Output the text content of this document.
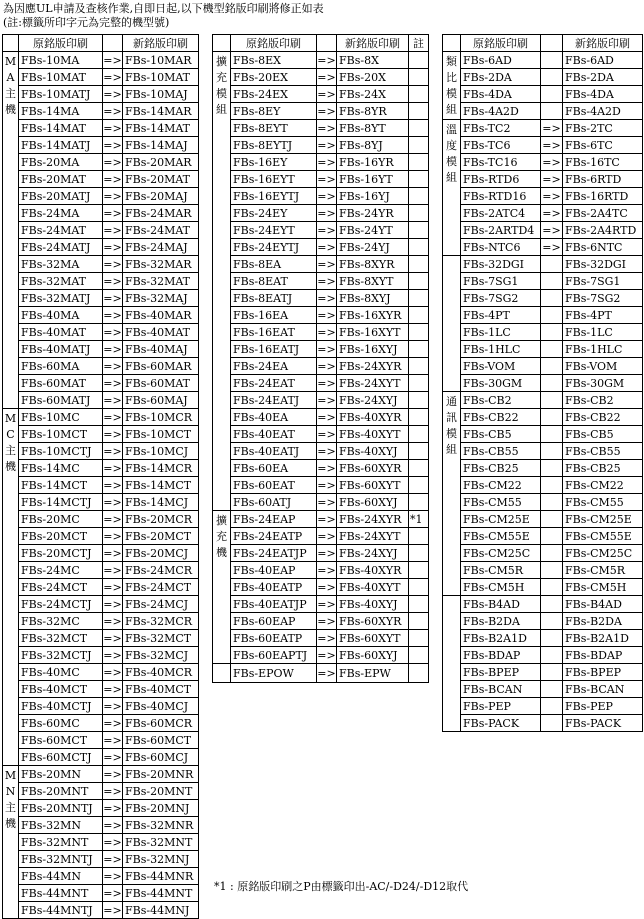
為因應UL申請及查核作業,自即日起,以下機型銘版印刷將修正如表
(註:標籤所印字元為完整的機型號)
	原銘版印刷		新銘版印刷
MA主機	FBs-10MA	=>	FBs-10MAR
	FBs-10MAT	=>	FBs-10MAT
	FBs-10MATJ	=>	FBs-10MAJ
	FBs-14MA	=>	FBs-14MAR
	FBs-14MAT	=>	FBs-14MAT
	FBs-14MATJ	=>	FBs-14MAJ
	FBs-20MA	=>	FBs-20MAR
	FBs-20MAT	=>	FBs-20MAT
	FBs-20MATJ	=>	FBs-20MAJ
	FBs-24MA	=>	FBs-24MAR
	FBs-24MAT	=>	FBs-24MAT
	FBs-24MATJ	=>	FBs-24MAJ
	FBs-32MA	=>	FBs-32MAR
	FBs-32MAT	=>	FBs-32MAT
	FBs-32MATJ	=>	FBs-32MAJ
	FBs-40MA	=>	FBs-40MAR
	FBs-40MAT	=>	FBs-40MAT
	FBs-40MATJ	=>	FBs-40MAJ
	FBs-60MA	=>	FBs-60MAR
	FBs-60MAT	=>	FBs-60MAT
	FBs-60MATJ	=>	FBs-60MAJ
MC主機	FBs-10MC	=>	FBs-10MCR
	FBs-10MCT	=>	FBs-10MCT
	FBs-10MCTJ	=>	FBs-10MCJ
	FBs-14MC	=>	FBs-14MCR
	FBs-14MCT	=>	FBs-14MCT
	FBs-14MCTJ	=>	FBs-14MCJ
	FBs-20MC	=>	FBs-20MCR
	FBs-20MCT	=>	FBs-20MCT
	FBs-20MCTJ	=>	FBs-20MCJ
	FBs-24MC	=>	FBs-24MCR
	FBs-24MCT	=>	FBs-24MCT
	FBs-24MCTJ	=>	FBs-24MCJ
	FBs-32MC	=>	FBs-32MCR
	FBs-32MCT	=>	FBs-32MCT
	FBs-32MCTJ	=>	FBs-32MCJ
	FBs-40MC	=>	FBs-40MCR
	FBs-40MCT	=>	FBs-40MCT
	FBs-40MCTJ	=>	FBs-40MCJ
	FBs-60MC	=>	FBs-60MCR
	FBs-60MCT	=>	FBs-60MCT
	FBs-60MCTJ	=>	FBs-60MCJ
MN主機	FBs-20MN	=>	FBs-20MNR
	FBs-20MNT	=>	FBs-20MNT
	FBs-20MNTJ	=>	FBs-20MNJ
	FBs-32MN	=>	FBs-32MNR
	FBs-32MNT	=>	FBs-32MNT
	FBs-32MNTJ	=>	FBs-32MNJ
	FBs-44MN	=>	FBs-44MNR
	FBs-44MNT	=>	FBs-44MNT
	FBs-44MNTJ	=>	FBs-44MNJ
	原銘版印刷		新銘版印刷	註
擴充模組	FBs-8EX	=>	FBs-8X	
	FBs-20EX	=>	FBs-20X	
	FBs-24EX	=>	FBs-24X	
	FBs-8EY	=>	FBs-8YR	
	FBs-8EYT	=>	FBs-8YT	
	FBs-8EYTJ	=>	FBs-8YJ	
	FBs-16EY	=>	FBs-16YR	
	FBs-16EYT	=>	FBs-16YT	
	FBs-16EYTJ	=>	FBs-16YJ	
	FBs-24EY	=>	FBs-24YR	
	FBs-24EYT	=>	FBs-24YT	
	FBs-24EYTJ	=>	FBs-24YJ	
	FBs-8EA	=>	FBs-8XYR	
	FBs-8EAT	=>	FBs-8XYT	
	FBs-8EATJ	=>	FBs-8XYJ	
	FBs-16EA	=>	FBs-16XYR	
	FBs-16EAT	=>	FBs-16XYT	
	FBs-16EATJ	=>	FBs-16XYJ	
	FBs-24EA	=>	FBs-24XYR	
	FBs-24EAT	=>	FBs-24XYT	
	FBs-24EATJ	=>	FBs-24XYJ	
	FBs-40EA	=>	FBs-40XYR	
	FBs-40EAT	=>	FBs-40XYT	
	FBs-40EATJ	=>	FBs-40XYJ	
	FBs-60EA	=>	FBs-60XYR	
	FBs-60EAT	=>	FBs-60XYT	
	FBs-60ATJ	=>	FBs-60XYJ	
擴充機	FBs-24EAP	=>	FBs-24XYR	*1
	FBs-24EATP	=>	FBs-24XYT	
	FBs-24EATJP	=>	FBs-24XYJ	
	FBs-40EAP	=>	FBs-40XYR	
	FBs-40EATP	=>	FBs-40XYT	
	FBs-40EATJP	=>	FBs-40XYJ	
	FBs-60EAP	=>	FBs-60XYR	
	FBs-60EATP	=>	FBs-60XYT	
	FBs-60EAPTJ	=>	FBs-60XYJ	
	FBs-EPOW	=>	FBs-EPW	
	原銘版印刷		新銘版印刷
類比模組	FBs-6AD		FBs-6AD
	FBs-2DA		FBs-2DA
	FBs-4DA		FBs-4DA
	FBs-4A2D		FBs-4A2D
溫度模組	FBs-TC2	=>	FBs-2TC
	FBs-TC6	=>	FBs-6TC
	FBs-TC16	=>	FBs-16TC
	FBs-RTD6	=>	FBs-6RTD
	FBs-RTD16	=>	FBs-16RTD
	FBs-2ATC4	=>	FBs-2A4TC
	FBs-2ARTD4	=>	FBs-2A4RTD
	FBs-NTC6	=>	FBs-6NTC
	FBs-32DGI		FBs-32DGI
	FBs-7SG1		FBs-7SG1
	FBs-7SG2		FBs-7SG2
	FBs-4PT		FBs-4PT
	FBs-1LC		FBs-1LC
	FBs-1HLC		FBs-1HLC
	FBs-VOM		FBs-VOM
	FBs-30GM		FBs-30GM
通訊模組	FBs-CB2		FBs-CB2
	FBs-CB22		FBs-CB22
	FBs-CB5		FBs-CB5
	FBs-CB55		FBs-CB55
	FBs-CB25		FBs-CB25
	FBs-CM22		FBs-CM22
	FBs-CM55		FBs-CM55
	FBs-CM25E		FBs-CM25E
	FBs-CM55E		FBs-CM55E
	FBs-CM25C		FBs-CM25C
	FBs-CM5R		FBs-CM5R
	FBs-CM5H		FBs-CM5H
	FBs-B4AD		FBs-B4AD
	FBs-B2DA		FBs-B2DA
	FBs-B2A1D		FBs-B2A1D
	FBs-BDAP		FBs-BDAP
	FBs-BPEP		FBs-BPEP
	FBs-BCAN		FBs-BCAN
	FBs-PEP		FBs-PEP
	FBs-PACK		FBs-PACK
*1 : 原銘版印刷之P由標籤印出-AC/-D24/-D12取代
